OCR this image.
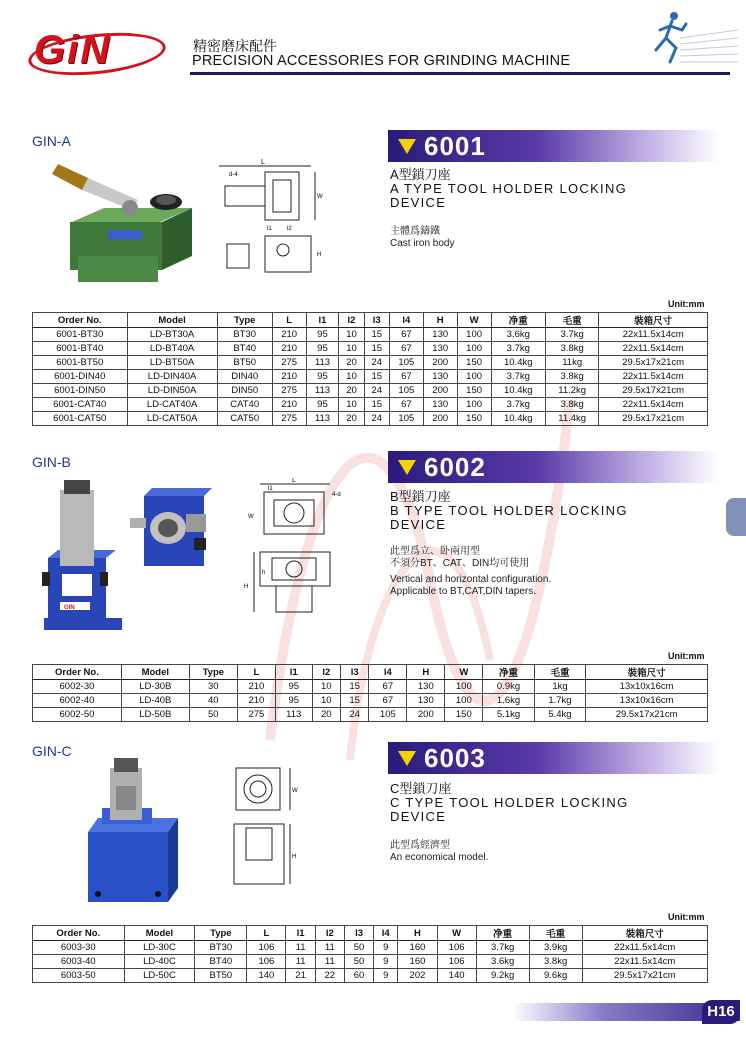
GiN	精密磨床配件
PRECISION ACCESSORIES FOR GRINDING MACHINE
GIN-A
L
d-4
l1	l2
W
H
6001
A型鎖刀座
A TYPE TOOL HOLDER LOCKING
DEVICE
主體爲鑄鐵
Cast iron body
Unit:mm
Order No.	Model	Type	L	l1	l2	l3	l4	H	W	净重	毛重	裝箱尺寸
6001-BT30	LD-BT30A	BT30	210	95	10	15	67	130	100	3.6kg	3.7kg	22x11.5x14cm
6001-BT40	LD-BT40A	BT40	210	95	10	15	67	130	100	3.7kg	3.8kg	22x11.5x14cm
6001-BT50	LD-BT50A	BT50	275	113	20	24	105	200	150	10.4kg	11kg	29.5x17x21cm
6001-DIN40	LD-DIN40A	DIN40	210	95	10	15	67	130	100	3.7kg	3.8kg	22x11.5x14cm
6001-DIN50	LD-DIN50A	DIN50	275	113	20	24	105	200	150	10.4kg	11.2kg	29.5x17x21cm
6001-CAT40	LD-CAT40A	CAT40	210	95	10	15	67	130	100	3.7kg	3.8kg	22x11.5x14cm
6001-CAT50	LD-CAT50A	CAT50	275	113	20	24	105	200	150	10.4kg	11.4kg	29.5x17x21cm
GIN-B
GIN
L
l1
4-d
W
H
h
6002
B型鎖刀座
B TYPE TOOL HOLDER LOCKING
DEVICE
此型爲立、卧兩用型
不須分BT、CAT、DIN均可使用
Vertical and horizontal configuration.
Applicable to BT,CAT,DIN tapers.
Unit:mm
Order No.	Model	Type	L	l1	l2	l3	l4	H	W	净重	毛重	裝箱尺寸
6002-30	LD-30B	30	210	95	10	15	67	130	100	0.9kg	1kg	13x10x16cm
6002-40	LD-40B	40	210	95	10	15	67	130	100	1.6kg	1.7kg	13x10x16cm
6002-50	LD-50B	50	275	113	20	24	105	200	150	5.1kg	5.4kg	29.5x17x21cm
GIN-C
W
H
6003
C型鎖刀座
C TYPE TOOL HOLDER LOCKING
DEVICE
此型爲經濟型
An economical model.
Unit:mm
Order No.	Model	Type	L	l1	l2	l3	l4	H	W	净重	毛重	裝箱尺寸
6003-30	LD-30C	BT30	106	11	11	50	9	160	106	3.7kg	3.9kg	22x11.5x14cm
6003-40	LD-40C	BT40	106	11	11	50	9	160	106	3.6kg	3.8kg	22x11.5x14cm
6003-50	LD-50C	BT50	140	21	22	60	9	202	140	9.2kg	9.6kg	29.5x17x21cm
H16
